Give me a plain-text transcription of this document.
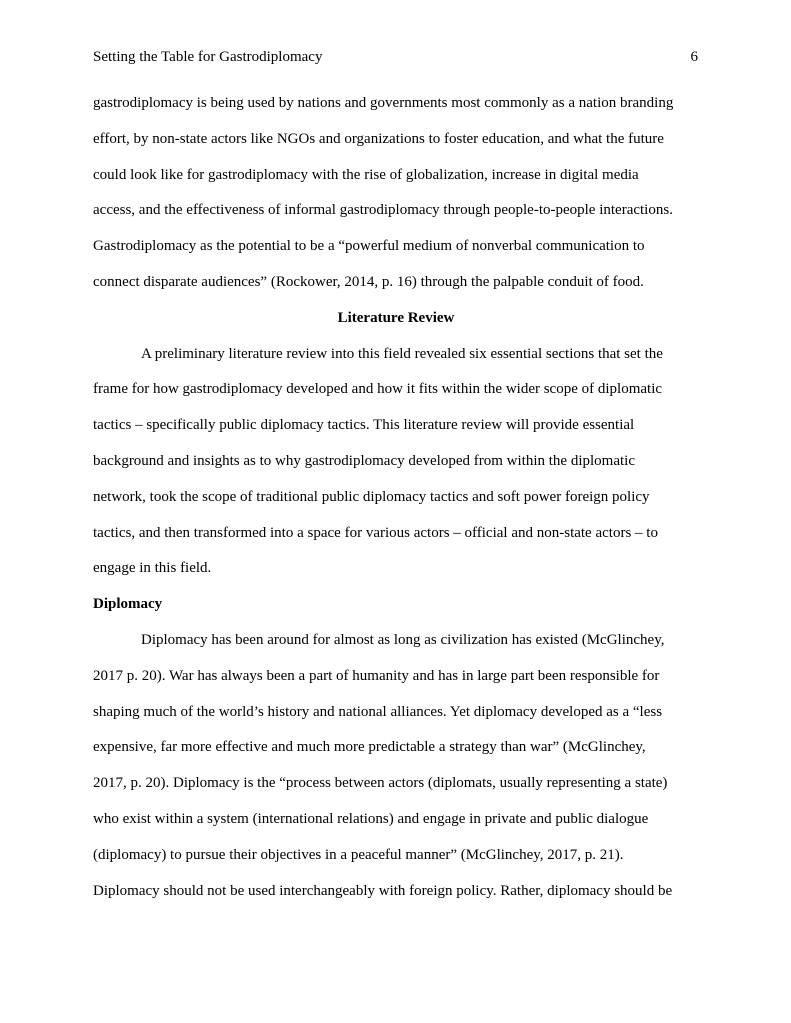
Setting the Table for Gastrodiplomacy	6
gastrodiplomacy is being used by nations and governments most commonly as a nation branding
effort, by non-state actors like NGOs and organizations to foster education, and what the future
could look like for gastrodiplomacy with the rise of globalization, increase in digital media
access, and the effectiveness of informal gastrodiplomacy through people-to-people interactions.
Gastrodiplomacy as the potential to be a “powerful medium of nonverbal communication to
connect disparate audiences” (Rockower, 2014, p. 16) through the palpable conduit of food.
Literature Review
A preliminary literature review into this field revealed six essential sections that set the
frame for how gastrodiplomacy developed and how it fits within the wider scope of diplomatic
tactics – specifically public diplomacy tactics. This literature review will provide essential
background and insights as to why gastrodiplomacy developed from within the diplomatic
network, took the scope of traditional public diplomacy tactics and soft power foreign policy
tactics, and then transformed into a space for various actors – official and non-state actors – to
engage in this field.
Diplomacy
Diplomacy has been around for almost as long as civilization has existed (McGlinchey,
2017 p. 20). War has always been a part of humanity and has in large part been responsible for
shaping much of the world’s history and national alliances. Yet diplomacy developed as a “less
expensive, far more effective and much more predictable a strategy than war” (McGlinchey,
2017, p. 20). Diplomacy is the “process between actors (diplomats, usually representing a state)
who exist within a system (international relations) and engage in private and public dialogue
(diplomacy) to pursue their objectives in a peaceful manner” (McGlinchey, 2017, p. 21).
Diplomacy should not be used interchangeably with foreign policy. Rather, diplomacy should be
